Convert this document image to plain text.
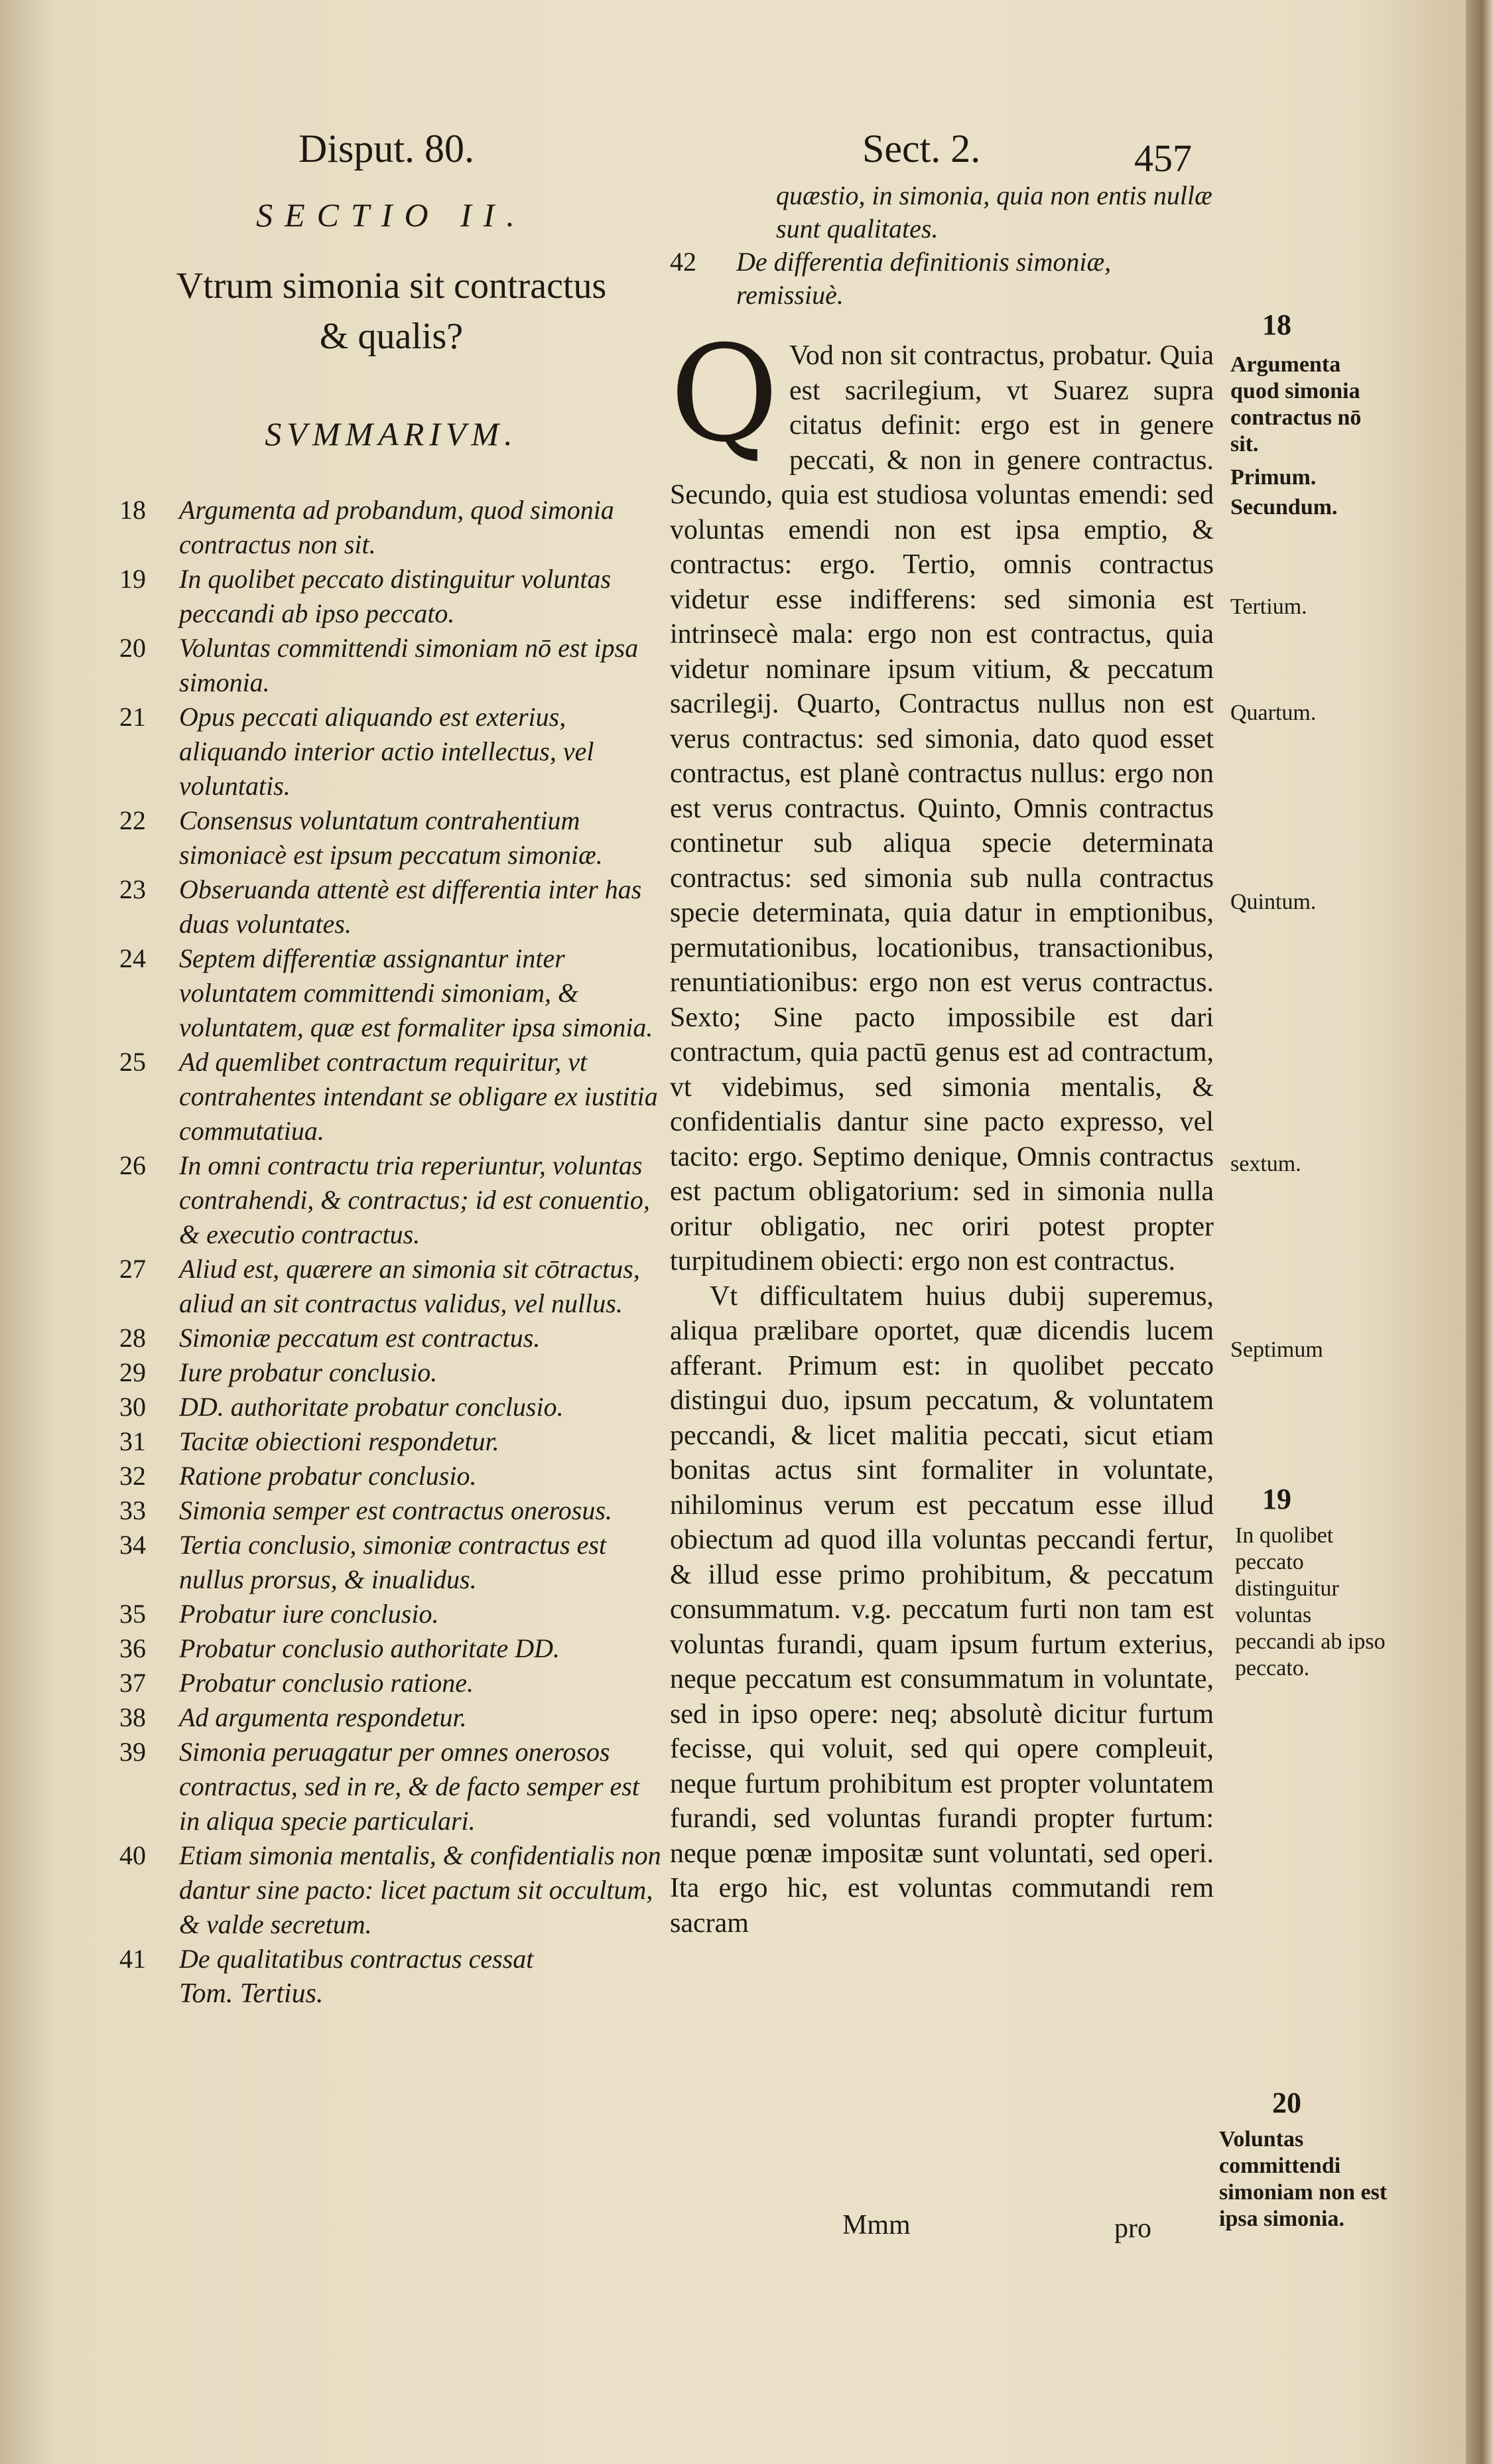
Disput. 80.	Sect. 2.	457
SECTIO II.
Vtrum simonia sit contractus
& qualis?
SVMMARIVM.
18	Argumenta ad probandum, quod simonia contractus non sit.
19	In quolibet peccato distinguitur voluntas peccandi ab ipso peccato.
20	Voluntas committendi simoniam nō est ipsa simonia.
21	Opus peccati aliquando est exterius, aliquando interior actio intellectus, vel voluntatis.
22	Consensus voluntatum contrahentium simoniacè est ipsum peccatum simoniæ.
23	Obseruanda attentè est differentia inter has duas voluntates.
24	Septem differentiæ assignantur inter voluntatem committendi simoniam, & voluntatem, quæ est formaliter ipsa simonia.
25	Ad quemlibet contractum requiritur, vt contrahentes intendant se obligare ex iustitia commutatiua.
26	In omni contractu tria reperiuntur, voluntas contrahendi, & contractus; id est conuentio, & executio contractus.
27	Aliud est, quærere an simonia sit cōtractus, aliud an sit contractus validus, vel nullus.
28	Simoniæ peccatum est contractus.
29	Iure probatur conclusio.
30	DD. authoritate probatur conclusio.
31	Tacitæ obiectioni respondetur.
32	Ratione probatur conclusio.
33	Simonia semper est contractus onerosus.
34	Tertia conclusio, simoniæ contractus est nullus prorsus, & inualidus.
35	Probatur iure conclusio.
36	Probatur conclusio authoritate DD.
37	Probatur conclusio ratione.
38	Ad argumenta respondetur.
39	Simonia peruagatur per omnes onerosos contractus, sed in re, & de facto semper est in aliqua specie particulari.
40	Etiam simonia mentalis, & confidentialis non dantur sine pacto: licet pactum sit occultum, & valde secretum.
41	De qualitatibus contractus cessat
Tom. Tertius.
quæstio, in simonia, quia non entis nullæ sunt qualitates.
42 De differentia definitionis simoniæ, remissiuè.
Q Vod non sit contractus, probatur. Quia est sacrilegium, vt Suarez supra citatus definit: ergo est in genere peccati, & non in genere contractus. Secundo, quia est studiosa voluntas emendi: sed voluntas emendi non est ipsa emptio, & contractus: ergo. Tertio, omnis contractus videtur esse indifferens: sed simonia est intrinsecè mala: ergo non est contractus, quia videtur nominare ipsum vitium, & peccatum sacrilegij. Quarto, Contractus nullus non est verus contractus: sed simonia, dato quod esset contractus, est planè contractus nullus: ergo non est verus contractus. Quinto, Omnis contractus continetur sub aliqua specie determinata contractus: sed simonia sub nulla contractus specie determinata, quia datur in emptionibus, permutationibus, locationibus, transactionibus, renuntiationibus: ergo non est verus contractus. Sexto; Sine pacto impossibile est dari contractum, quia pactū genus est ad contractum, vt videbimus, sed simonia mentalis, & confidentialis dantur sine pacto expresso, vel tacito: ergo. Septimo denique, Omnis contractus est pactum obligatorium: sed in simonia nulla oritur obligatio, nec oriri potest propter turpitudinem obiecti: ergo non est contractus.
Vt difficultatem huius dubij superemus, aliqua prælibare oportet, quæ dicendis lucem afferant. Primum est: in quolibet peccato distingui duo, ipsum peccatum, & voluntatem peccandi, & licet malitia peccati, sicut etiam bonitas actus sint formaliter in voluntate, nihilominus verum est peccatum esse illud obiectum ad quod illa voluntas peccandi fertur, & illud esse primo prohibitum, & peccatum consummatum. v.g. peccatum furti non tam est voluntas furandi, quam ipsum furtum exterius, neque peccatum est consummatum in voluntate, sed in ipso opere: neq; absolutè dicitur furtum fecisse, qui voluit, sed qui opere compleuit, neque furtum prohibitum est propter voluntatem furandi, sed voluntas furandi propter furtum: neque pœnæ impositæ sunt voluntati, sed operi. Ita ergo hic, est voluntas commutandi rem sacram
Mmm	pro
18
Argumenta quod simonia contractus nō sit.
Primum.
Secundum.
Tertium.
Quartum.
Quintum.
sextum.
Septimum
19
In quolibet peccato distinguitur voluntas peccandi ab ipso peccato.
20
Voluntas committendi simoniam non est ipsa simonia.
